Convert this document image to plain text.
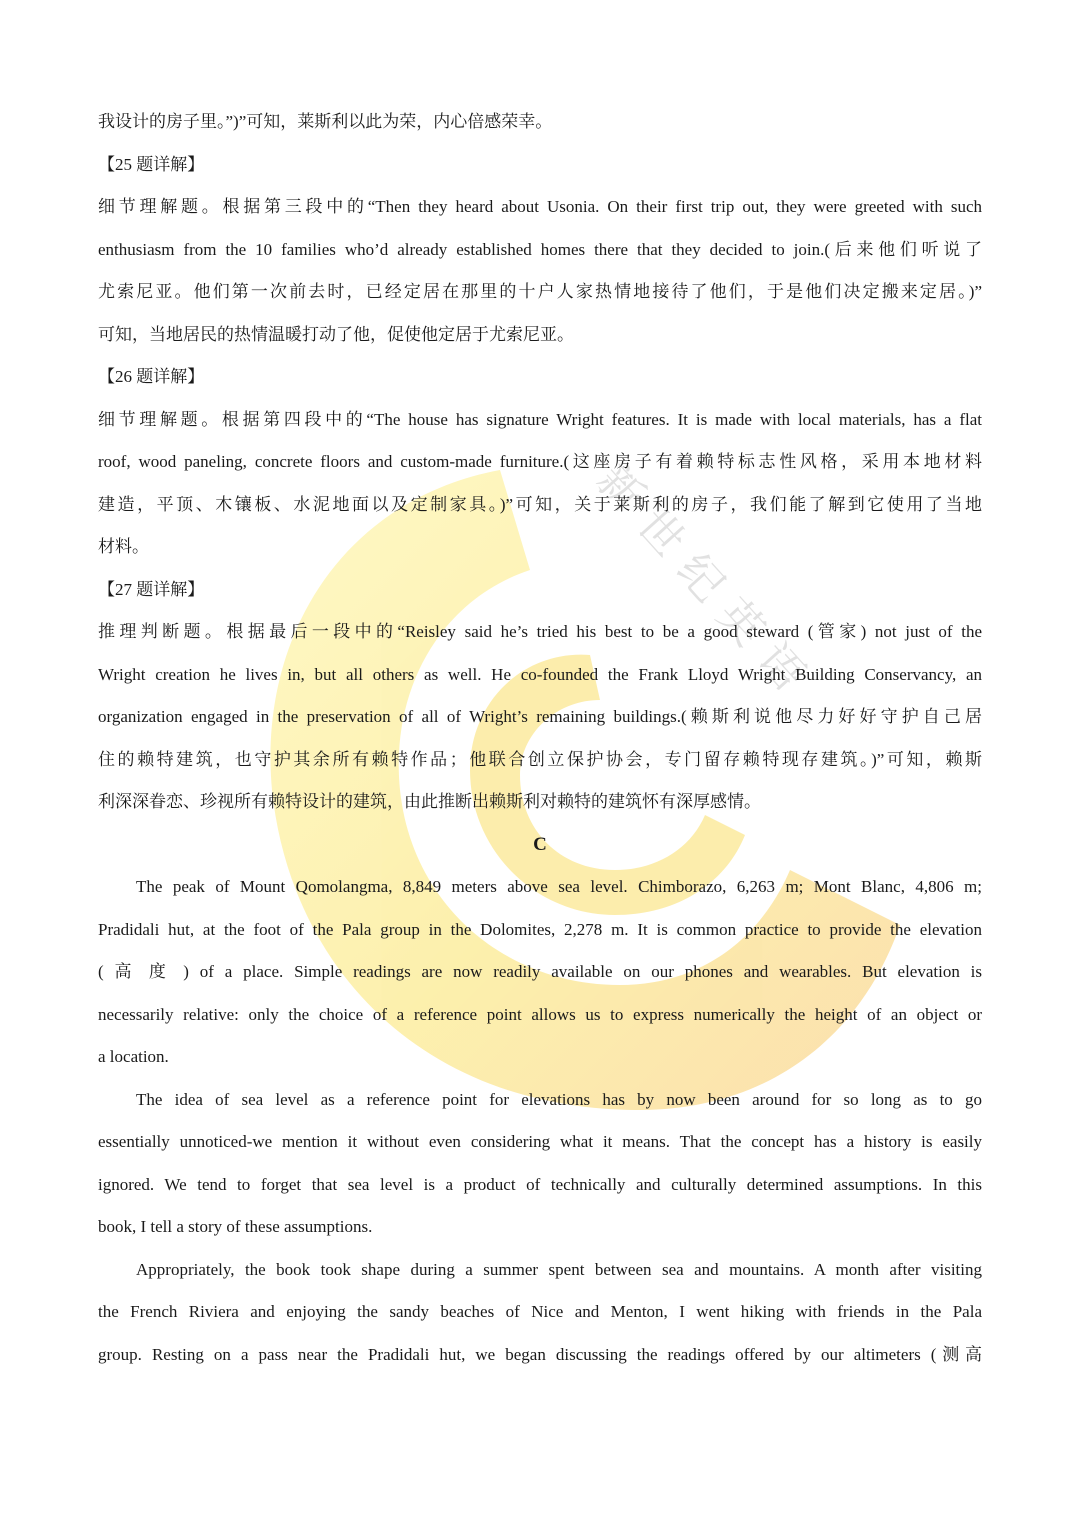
新
世
纪
英
语
我设计的房子里。”)”可知，莱斯利以此为荣，内心倍感荣幸。
【25 题详解】
细节理解题。根据第三段中的“Then they heard about Usonia. On their first trip out, they were greeted with such
enthusiasm from the 10 families who’d already established homes there that they decided to join.(后来他们听说了
尤索尼亚。他们第一次前去时，已经定居在那里的十户人家热情地接待了他们，于是他们决定搬来定居。)”
可知，当地居民的热情温暖打动了他，促使他定居于尤索尼亚。
【26 题详解】
细节理解题。根据第四段中的“The house has signature Wright features. It is made with local materials, has a flat
roof, wood paneling, concrete floors and custom-made furniture.(这座房子有着赖特标志性风格，采用本地材料
建造，平顶、木镶板、水泥地面以及定制家具。)”可知，关于莱斯利的房子，我们能了解到它使用了当地
材料。
【27 题详解】
推理判断题。根据最后一段中的“Reisley said he’s tried his best to be a good steward (管家) not just of the
Wright creation he lives in, but all others as well. He co-founded the Frank Lloyd Wright Building Conservancy, an
organization engaged in the preservation of all of Wright’s remaining buildings.(赖斯利说他尽力好好守护自己居
住的赖特建筑，也守护其余所有赖特作品；他联合创立保护协会，专门留存赖特现存建筑。)”可知，赖斯
利深深眷恋、珍视所有赖特设计的建筑，由此推断出赖斯利对赖特的建筑怀有深厚感情。
C
The peak of Mount Qomolangma, 8,849 meters above sea level. Chimborazo, 6,263 m; Mont Blanc, 4,806 m;
Pradidali hut, at the foot of the Pala group in the Dolomites, 2,278 m. It is common practice to provide the elevation
( 高 度 ) of a place. Simple readings are now readily available on our phones and wearables. But elevation is
necessarily relative: only the choice of a reference point allows us to express numerically the height of an object or
a location.
The idea of sea level as a reference point for elevations has by now been around for so long as to go
essentially unnoticed-we mention it without even considering what it means. That the concept has a history is easily
ignored. We tend to forget that sea level is a product of technically and culturally determined assumptions. In this
book, I tell a story of these assumptions.
Appropriately, the book took shape during a summer spent between sea and mountains. A month after visiting
the French Riviera and enjoying the sandy beaches of Nice and Menton, I went hiking with friends in the Pala
group. Resting on a pass near the Pradidali hut, we began discussing the readings offered by our altimeters (测高
